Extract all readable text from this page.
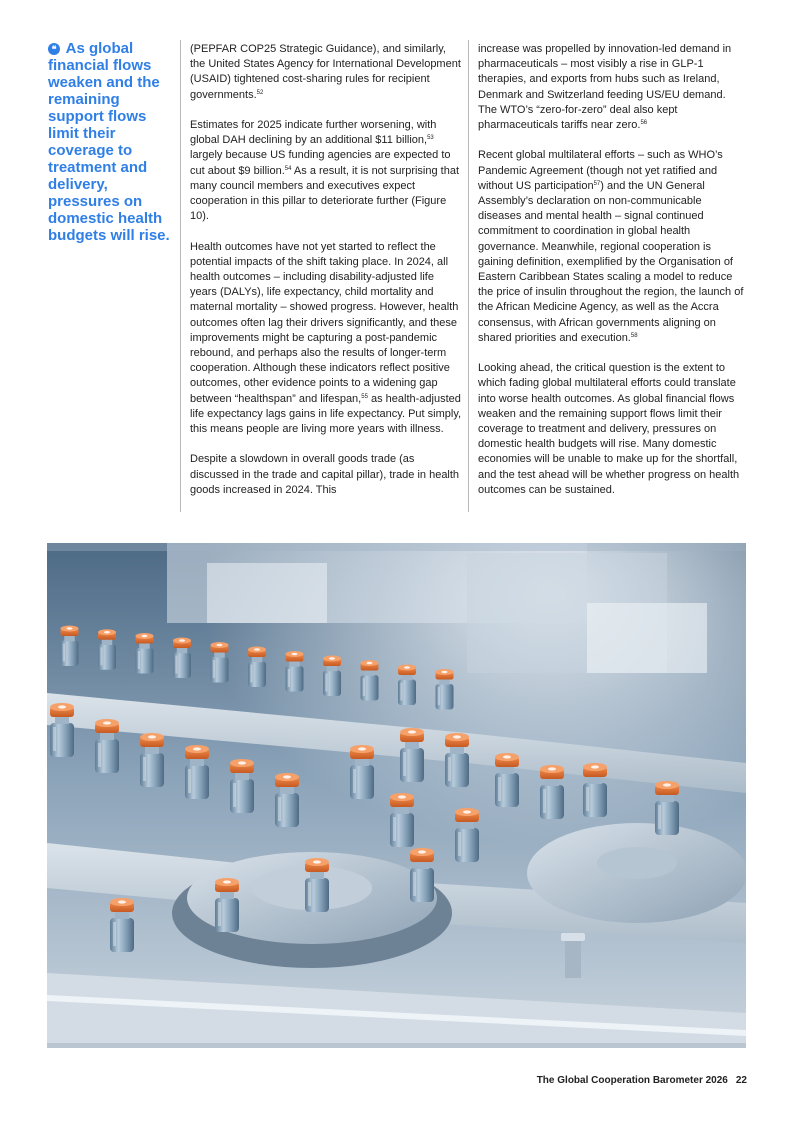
❝ As global financial flows weaken and the remaining support flows limit their coverage to treatment and delivery, pressures on domestic health budgets will rise.

(PEPFAR COP25 Strategic Guidance), and similarly, the United States Agency for International Development (USAID) tightened cost-sharing rules for recipient governments.$^{52}$

Estimates for 2025 indicate further worsening, with global DAH declining by an additional $11 billion,$^{53}$ largely because US funding agencies are expected to cut about $9 billion.$^{54}$ As a result, it is not surprising that many council members and executives expect cooperation in this pillar to deteriorate further (Figure 10).

Health outcomes have not yet started to reflect the potential impacts of the shift taking place. In 2024, all health outcomes – including disability-adjusted life years (DALYs), life expectancy, child mortality and maternal mortality – showed progress. However, health outcomes often lag their drivers significantly, and these improvements might be capturing a post-pandemic rebound, and perhaps also the results of longer-term cooperation. Although these indicators reflect positive outcomes, other evidence points to a widening gap between “healthspan” and lifespan,$^{55}$ as health-adjusted life expectancy lags gains in life expectancy. Put simply, this means people are living more years with illness.

Despite a slowdown in overall goods trade (as discussed in the trade and capital pillar), trade in health goods increased in 2024. This

increase was propelled by innovation-led demand in pharmaceuticals – most visibly a rise in GLP-1 therapies, and exports from hubs such as Ireland, Denmark and Switzerland feeding US/EU demand. The WTO’s “zero-for-zero” deal also kept pharmaceuticals tariffs near zero.$^{56}$

Recent global multilateral efforts – such as WHO’s Pandemic Agreement (though not yet ratified and without US participation$^{57}$) and the UN General Assembly’s declaration on non-communicable diseases and mental health – signal continued commitment to coordination in global health governance. Meanwhile, regional cooperation is gaining definition, exemplified by the Organisation of Eastern Caribbean States scaling a model to reduce the price of insulin throughout the region, the launch of the African Medicine Agency, as well as the Accra consensus, with African governments aligning on shared priorities and execution.$^{58}$

Looking ahead, the critical question is the extent to which fading global multilateral efforts could translate into worse health outcomes. As global financial flows weaken and the remaining support flows limit their coverage to treatment and delivery, pressures on domestic health budgets will rise. Many domestic economies will be unable to make up for the shortfall, and the test ahead will be whether progress on health outcomes can be sustained.

The Global Cooperation Barometer 2026 22
